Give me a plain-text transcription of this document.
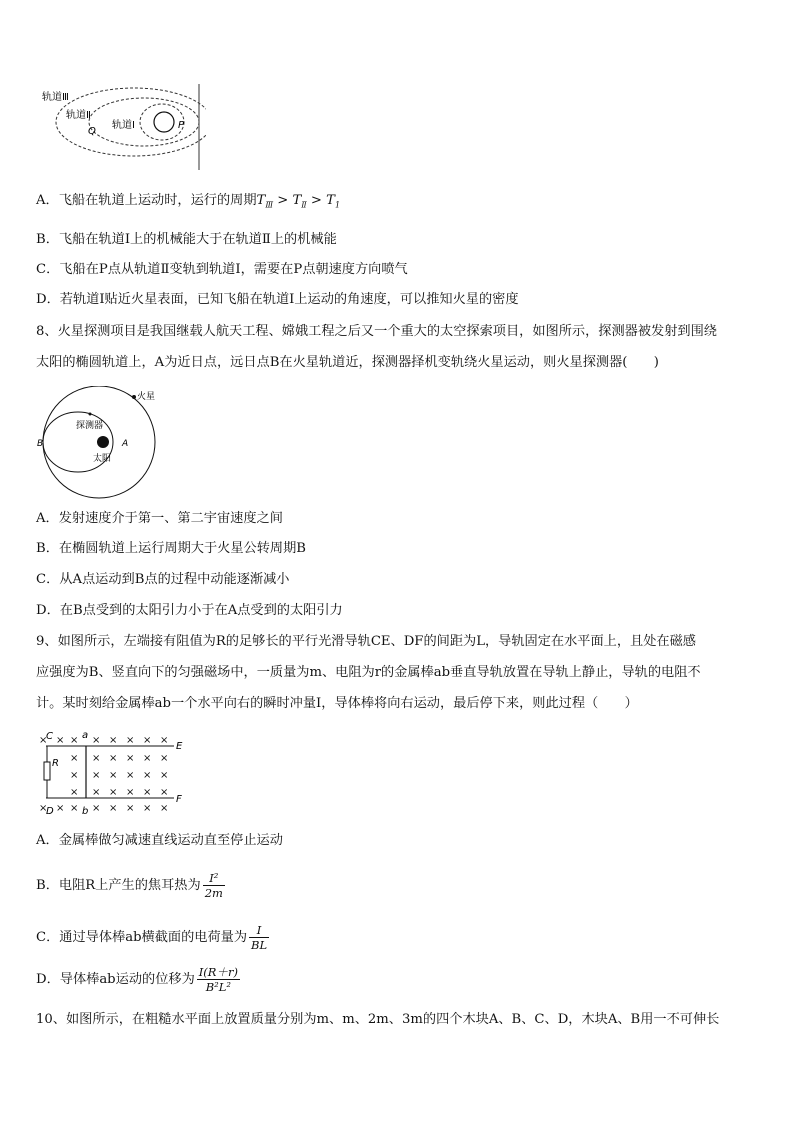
轨道Ⅲ
轨道Ⅱ
轨道Ⅰ
Q
P
A．飞船在轨道上运动时，运行的周期$T_Ⅲ > T_Ⅱ > T_1$
B．飞船在轨道Ⅰ上的机械能大于在轨道Ⅱ上的机械能
C．飞船在P点从轨道Ⅱ变轨到轨道Ⅰ，需要在P点朝速度方向喷气
D．若轨道Ⅰ贴近火星表面，已知飞船在轨道Ⅰ上运动的角速度，可以推知火星的密度
8、火星探测项目是我国继载人航天工程、嫦娥工程之后又一个重大的太空探索项目，如图所示，探测器被发射到围绕
太阳的椭圆轨道上，A为近日点，远日点B在火星轨道近，探测器择机变轨绕火星运动，则火星探测器(　　)
火星
探测器
太阳
A
B
A．发射速度介于第一、第二宇宙速度之间
B．在椭圆轨道上运行周期大于火星公转周期B
C．从A点运动到B点的过程中动能逐渐减小
D．在B点受到的太阳引力小于在A点受到的太阳引力
9、如图所示，左端接有阻值为R的足够长的平行光滑导轨CE、DF的间距为L，导轨固定在水平面上，且处在磁感
应强度为B、竖直向下的匀强磁场中，一质量为m、电阻为r的金属棒ab垂直导轨放置在导轨上静止，导轨的电阻不
计。某时刻给金属棒ab一个水平向右的瞬时冲量I，导体棒将向右运动，最后停下来，则此过程（　　）
× × × × × × × ×
× × × × × ×
× × × × × ×
× × × × × ×
× × × × × × × ×
C
D
E
F
a
b
R
A．金属棒做匀减速直线运动直至停止运动
B．电阻R上产生的焦耳热为 $\frac{\text{I²}}{2m}$
C．通过导体棒ab横截面的电荷量为 $\frac{I}{BL}$
D．导体棒ab运动的位移为 $\frac{I(R+r)}{\text{B²L²}}$
10、如图所示，在粗糙水平面上放置质量分别为m、m、2m、3m的四个木块A、B、C、D，木块A、B用一不可伸长
